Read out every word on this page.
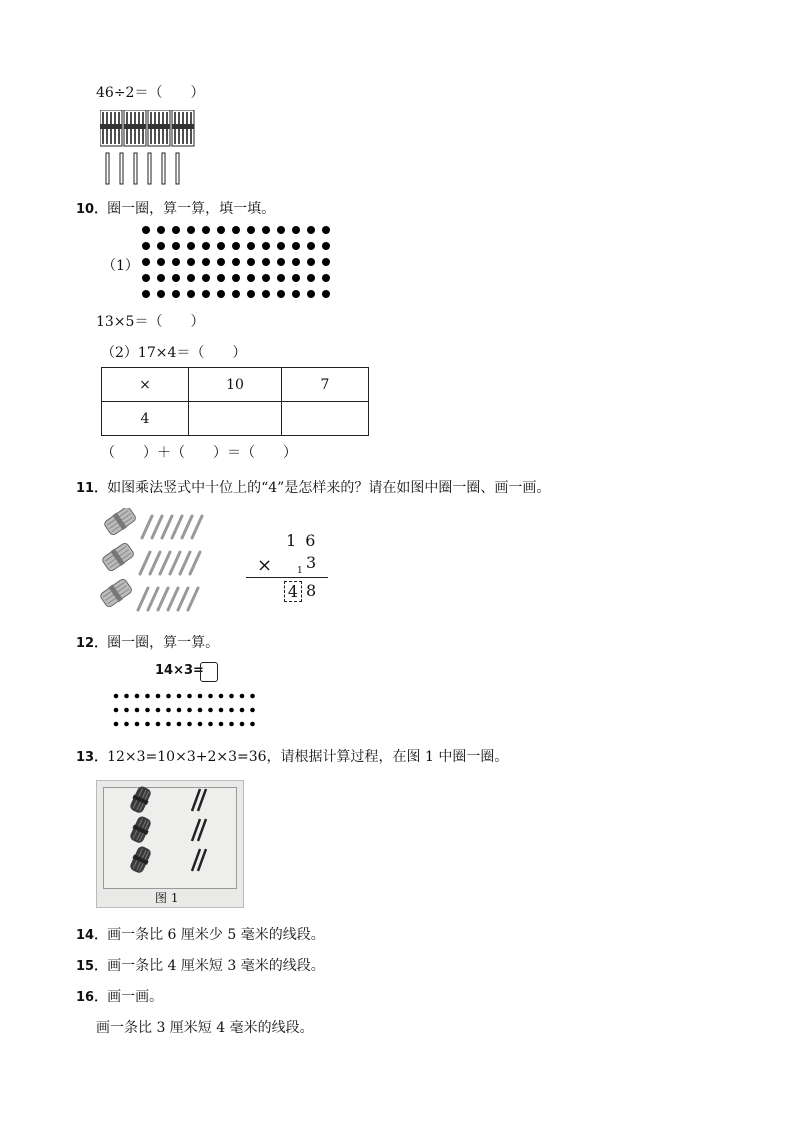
46÷2＝（　　）
10．圈一圈，算一算，填一填。
（1）
13×5＝（　　）
（2）17×4＝（　　）
×	10	7
4		
（　　）＋（　　）＝（　　）
11．如图乘法竖式中十位上的“4”是怎样来的？请在如图中圈一圈、画一画。
1 6
×	1 3
4 8
12．圈一圈，算一算。
14×3=
13．12×3=10×3+2×3=36，请根据计算过程，在图 1 中圈一圈。
图 1
14．画一条比 6 厘米少 5 毫米的线段。
15．画一条比 4 厘米短 3 毫米的线段。
16．画一画。
画一条比 3 厘米短 4 毫米的线段。
